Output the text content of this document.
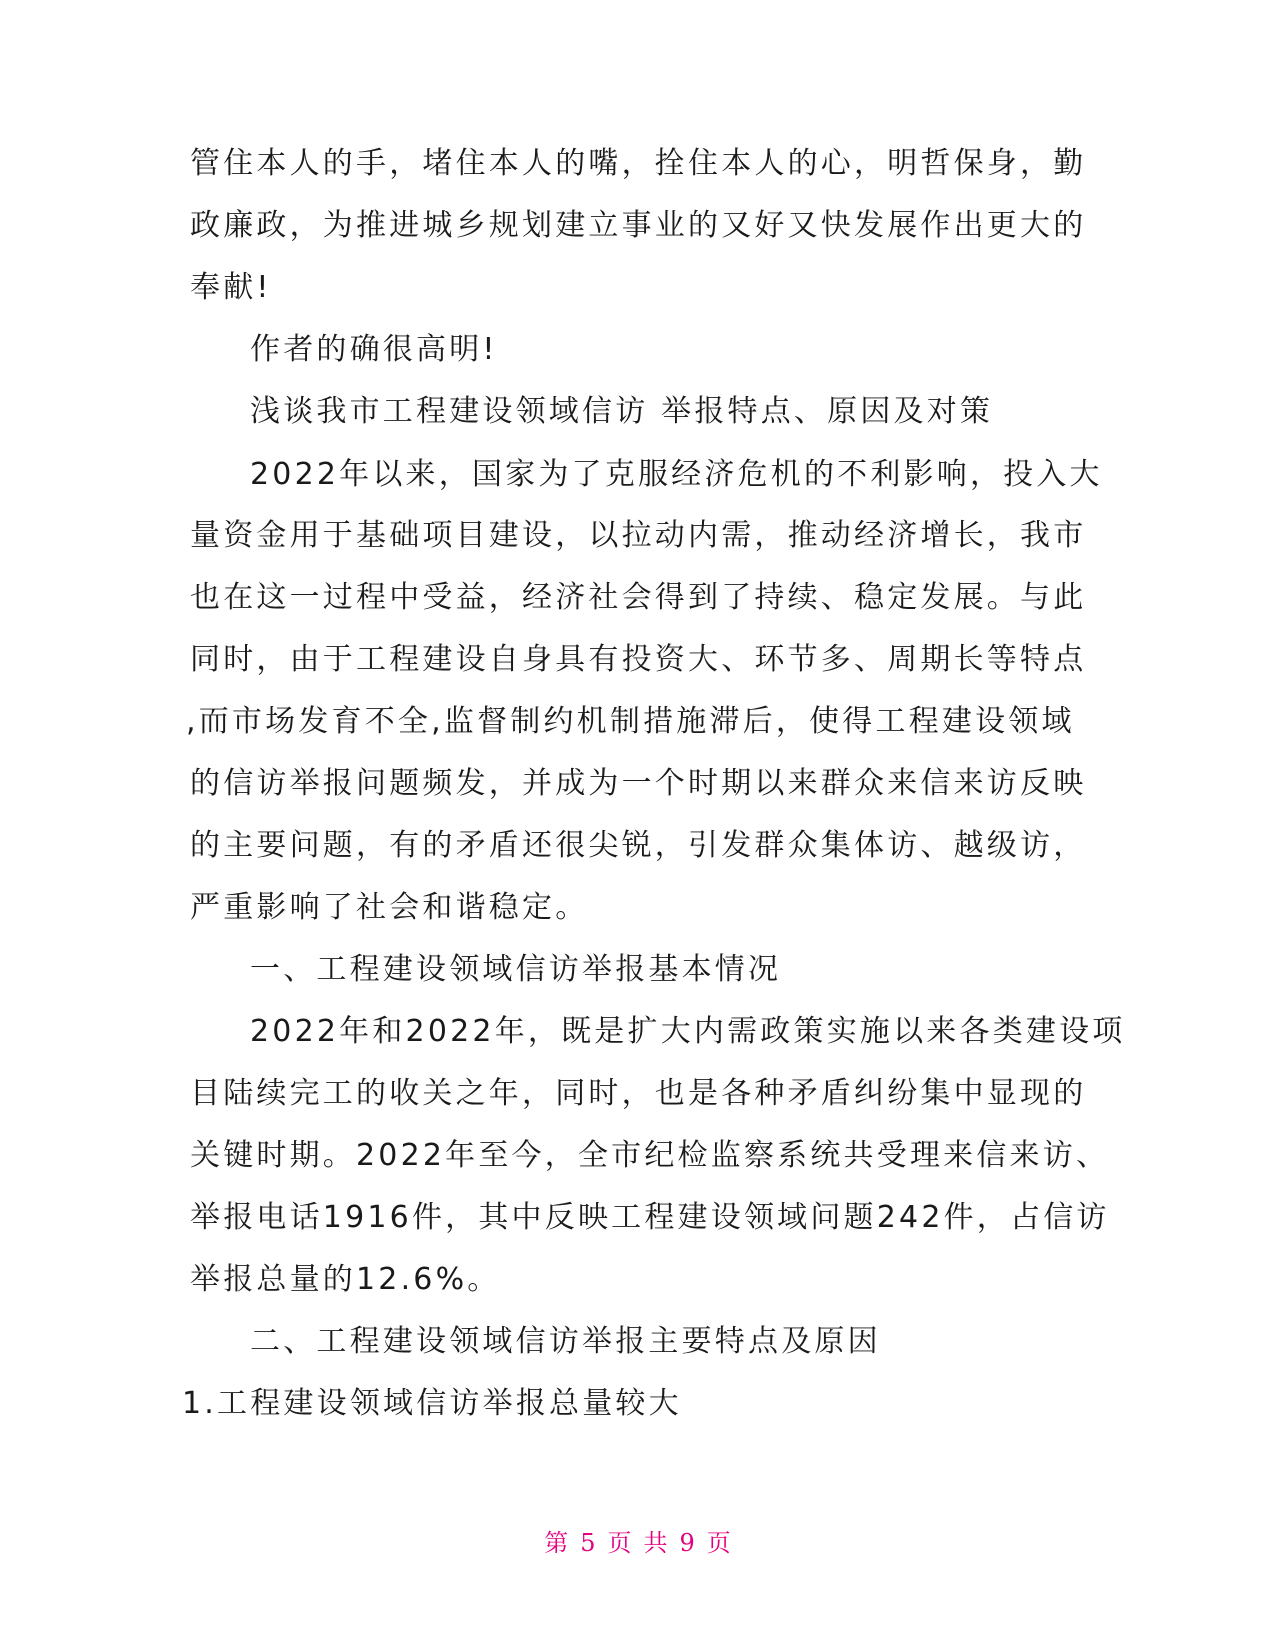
管住本人的手，堵住本人的嘴，拴住本人的心，明哲保身，勤
政廉政，为推进城乡规划建立事业的又好又快发展作出更大的
奉献!
作者的确很高明!
浅谈我市工程建设领域信访 举报特点、原因及对策
2022年以来，国家为了克服经济危机的不利影响，投入大
量资金用于基础项目建设，以拉动内需，推动经济增长，我市
也在这一过程中受益，经济社会得到了持续、稳定发展。与此
同时，由于工程建设自身具有投资大、环节多、周期长等特点
,而市场发育不全,监督制约机制措施滞后，使得工程建设领域
的信访举报问题频发，并成为一个时期以来群众来信来访反映
的主要问题，有的矛盾还很尖锐，引发群众集体访、越级访，
严重影响了社会和谐稳定。
一、工程建设领域信访举报基本情况
2022年和2022年，既是扩大内需政策实施以来各类建设项
目陆续完工的收关之年，同时，也是各种矛盾纠纷集中显现的
关键时期。2022年至今，全市纪检监察系统共受理来信来访、
举报电话1916件，其中反映工程建设领域问题242件，占信访
举报总量的12.6%。
二、工程建设领域信访举报主要特点及原因
1.工程建设领域信访举报总量较大
第 5 页 共 9 页
